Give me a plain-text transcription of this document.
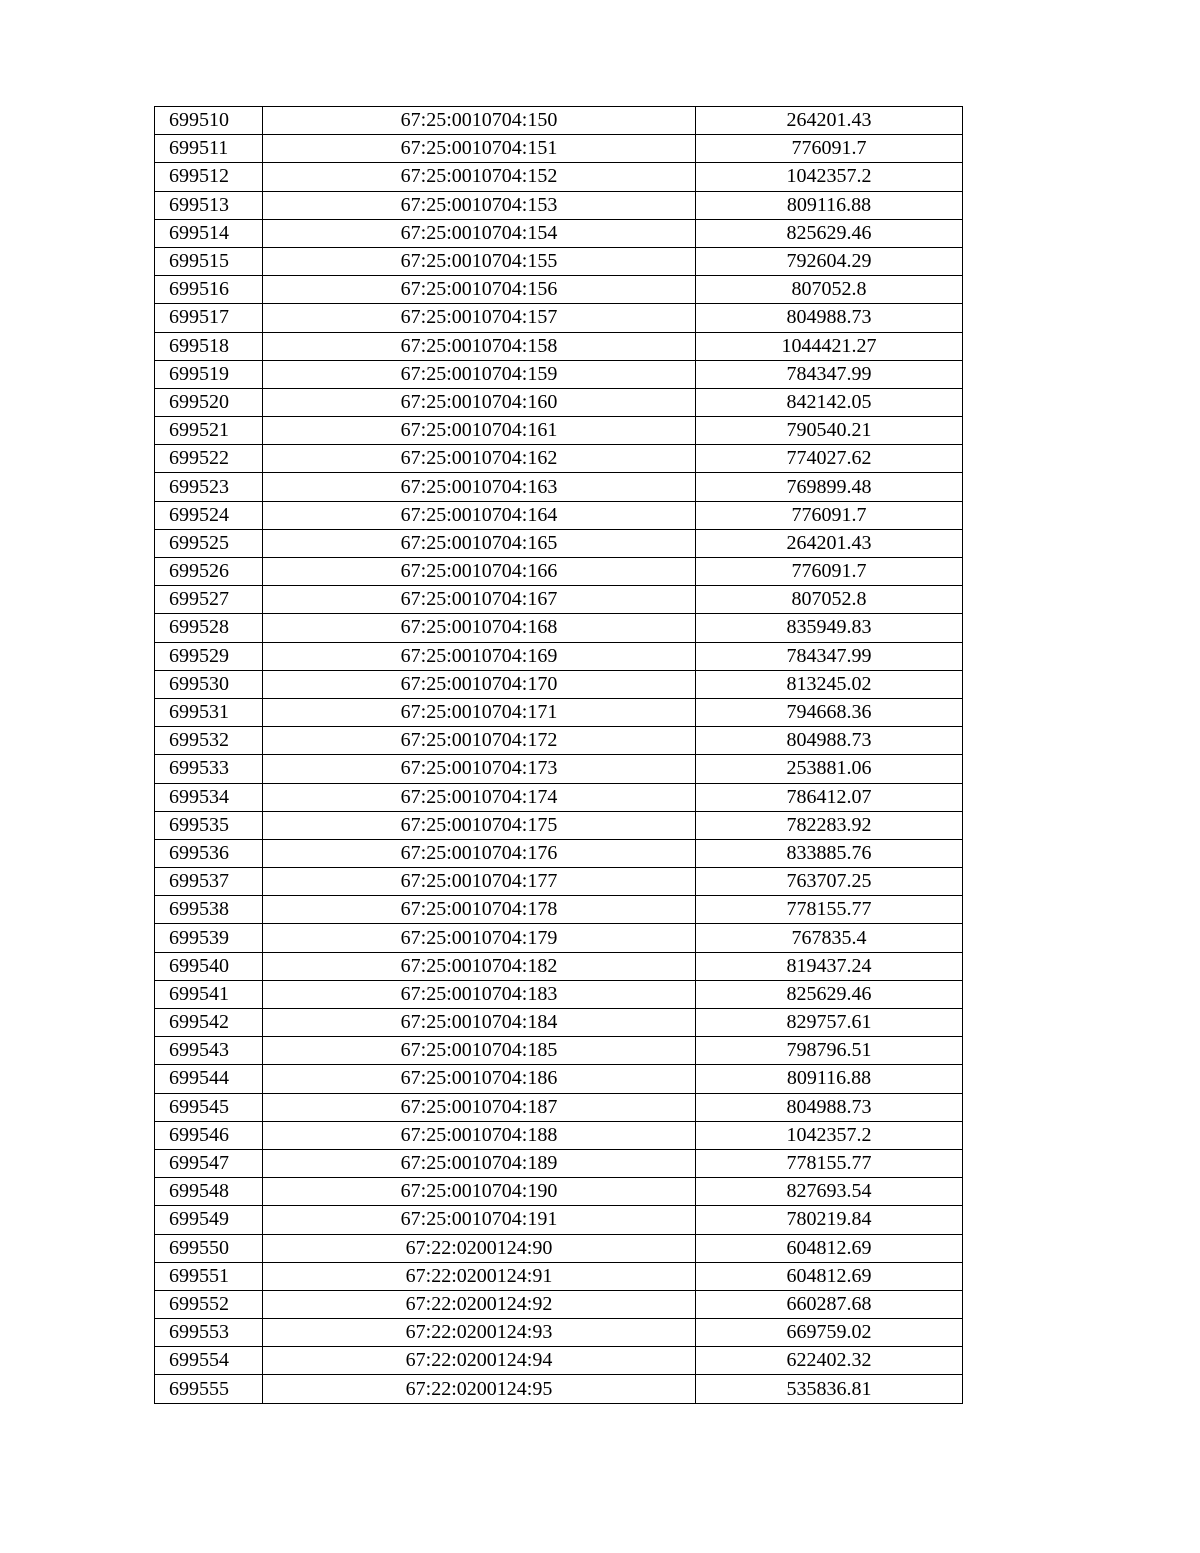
699510	67:25:0010704:150	264201.43
699511	67:25:0010704:151	776091.7
699512	67:25:0010704:152	1042357.2
699513	67:25:0010704:153	809116.88
699514	67:25:0010704:154	825629.46
699515	67:25:0010704:155	792604.29
699516	67:25:0010704:156	807052.8
699517	67:25:0010704:157	804988.73
699518	67:25:0010704:158	1044421.27
699519	67:25:0010704:159	784347.99
699520	67:25:0010704:160	842142.05
699521	67:25:0010704:161	790540.21
699522	67:25:0010704:162	774027.62
699523	67:25:0010704:163	769899.48
699524	67:25:0010704:164	776091.7
699525	67:25:0010704:165	264201.43
699526	67:25:0010704:166	776091.7
699527	67:25:0010704:167	807052.8
699528	67:25:0010704:168	835949.83
699529	67:25:0010704:169	784347.99
699530	67:25:0010704:170	813245.02
699531	67:25:0010704:171	794668.36
699532	67:25:0010704:172	804988.73
699533	67:25:0010704:173	253881.06
699534	67:25:0010704:174	786412.07
699535	67:25:0010704:175	782283.92
699536	67:25:0010704:176	833885.76
699537	67:25:0010704:177	763707.25
699538	67:25:0010704:178	778155.77
699539	67:25:0010704:179	767835.4
699540	67:25:0010704:182	819437.24
699541	67:25:0010704:183	825629.46
699542	67:25:0010704:184	829757.61
699543	67:25:0010704:185	798796.51
699544	67:25:0010704:186	809116.88
699545	67:25:0010704:187	804988.73
699546	67:25:0010704:188	1042357.2
699547	67:25:0010704:189	778155.77
699548	67:25:0010704:190	827693.54
699549	67:25:0010704:191	780219.84
699550	67:22:0200124:90	604812.69
699551	67:22:0200124:91	604812.69
699552	67:22:0200124:92	660287.68
699553	67:22:0200124:93	669759.02
699554	67:22:0200124:94	622402.32
699555	67:22:0200124:95	535836.81
